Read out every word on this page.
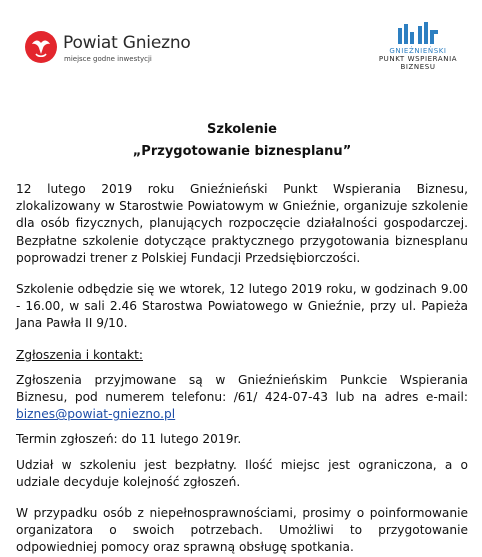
Powiat Gniezno
miejsce godne inwestycji
GNIEŹNIEŃSKI
PUNKT WSPIERANIA
BIZNESU
Szkolenie
„Przygotowanie biznesplanu”

12 lutego 2019 roku Gnieźnieński Punkt Wspierania Biznesu, zlokalizowany w Starostwie Powiatowym w Gnieźnie, organizuje szkolenie dla osób fizycznych, planujących rozpoczęcie działalności gospodarczej. Bezpłatne szkolenie dotyczące praktycznego przygotowania biznesplanu poprowadzi trener z Polskiej Fundacji Przedsiębiorczości.

Szkolenie odbędzie się we wtorek, 12 lutego 2019 roku, w godzinach 9.00 - 16.00, w sali 2.46 Starostwa Powiatowego w Gnieźnie, przy ul. Papieża Jana Pawła II 9/10.

Zgłoszenia i kontakt:

Zgłoszenia przyjmowane są w Gnieźnieńskim Punkcie Wspierania Biznesu, pod numerem telefonu: /61/ 424-07-43 lub na adres e-mail: biznes@powiat-gniezno.pl

Termin zgłoszeń: do 11 lutego 2019r.

Udział w szkoleniu jest bezpłatny. Ilość miejsc jest ograniczona, a o udziale decyduje kolejność zgłoszeń.

W przypadku osób z niepełnosprawnościami, prosimy o poinformowanie organizatora o swoich potrzebach. Umożliwi to przygotowanie odpowiedniej pomocy oraz sprawną obsługę spotkania.
